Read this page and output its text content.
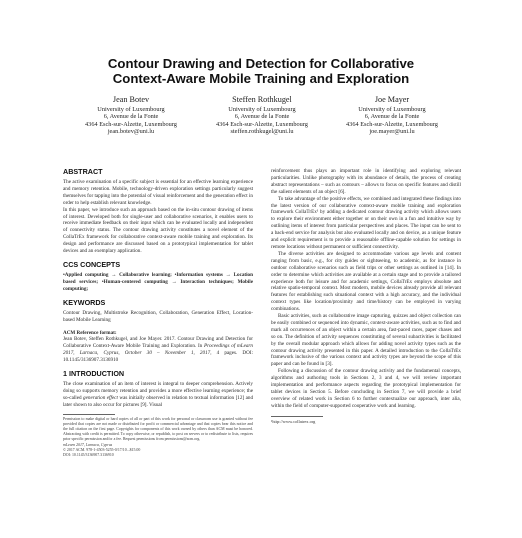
Contour Drawing and Detection for Collaborative
Context-Aware Mobile Training and Exploration
Jean Botev
University of Luxembourg
6, Avenue de la Fonte
4364 Esch-sur-Alzette, Luxembourg
jean.botev@uni.lu
Steffen Rothkugel
University of Luxembourg
6, Avenue de la Fonte
4364 Esch-sur-Alzette, Luxembourg
steffen.rothkugel@uni.lu
Joe Mayer
University of Luxembourg
6, Avenue de la Fonte
4364 Esch-sur-Alzette, Luxembourg
joe.mayer@uni.lu
ABSTRACT

The active examination of a specific subject is essential for an effective learning experience and memory retention. Mobile, technology-driven exploration settings particularly suggest themselves for tapping into the potential of visual reinforcement and the generation effect in order to help establish relevant knowledge.

In this paper, we introduce such an approach based on the in-situ contour drawing of items of interest. Developed both for single-user and collaborative scenarios, it enables users to receive immediate feedback on their input which can be evaluated locally and independent of connectivity status. The contour drawing activity constitutes a novel element of the CollaTrEx framework for collaborative context-aware mobile training and exploration. Its design and performance are discussed based on a prototypical implementation for tablet devices and an exemplary application.

CCS CONCEPTS

•Applied computing → Collaborative learning; •Information systems → Location based services; •Human-centered computing → Interaction techniques; Mobile computing;

KEYWORDS

Contour Drawing, Multistroke Recognition, Collaboration, Generation Effect, Location-based Mobile Learning

ACM Reference format:

Jean Botev, Steffen Rothkugel, and Joe Mayer. 2017. Contour Drawing and Detection for Collaborative Context-Aware Mobile Training and Exploration. In Proceedings of mLearn 2017, Larnaca, Cyprus, October 30 – November 1, 2017, 4 pages. DOI: 10.1145/3136907.3136910

1 INTRODUCTION

The close examination of an item of interest is integral to deeper comprehension. Actively doing so supports memory retention and provides a more effective learning experience; the so-called generation effect was initially observed in relation to textual information [12] and later shown to also occur for pictures [9]. Visual

Permission to make digital or hard copies of all or part of this work for personal or classroom use is granted without fee provided that copies are not made or distributed for profit or commercial advantage and that copies bear this notice and the full citation on the first page. Copyrights for components of this work owned by others than ACM must be honored. Abstracting with credit is permitted. To copy otherwise, or republish, to post on servers or to redistribute to lists, requires prior specific permission and/or a fee. Request permissions from permissions@acm.org.
mLearn 2017, Larnaca, Cyprus
© 2017 ACM. 978-1-4503-5255-0/17/10...$15.00
DOI: 10.1145/3136907.3136910

reinforcement thus plays an important role in identifying and exploring relevant particularities. Unlike photography with its abundance of details, the process of creating abstract representations – such as contours – allows to focus on specific features and distill the salient elements of an object [6].

To take advantage of the positive effects, we combined and integrated these findings into the latest version of our collaborative context-aware mobile training and exploration framework CollaTrEx¹ by adding a dedicated contour drawing activity which allows users to explore their environment either together or on their own in a fun and intuitive way by outlining items of interest from particular perspectives and places. The input can be sent to a back-end service for analysis but also evaluated locally and on device, as a unique feature and explicit requirement is to provide a reasonable offline-capable solution for settings in remote locations without permanent or sufficient connectivity.

The diverse activities are designed to accommodate various age levels and content ranging from basic, e.g., for city guides or sightseeing, to academic, as for instance in outdoor collaborative scenarios such as field trips or other settings as outlined in [14]. In order to determine which activities are available at a certain stage and to provide a tailored experience both for leisure and for academic settings, CollaTrEx employs absolute and relative spatio-temporal context. Most modern, mobile devices already provide all relevant features for establishing such situational context with a high accuracy, and the individual context types like location/proximity and time/history can be employed in varying combinations.

Basic activities, such as collaborative image capturing, quizzes and object collection can be easily combined or sequenced into dynamic, context-aware activities, such as to find and mark all occurrences of an object within a certain area, fast-paced races, paper chases and so on. The definition of activity sequences constituting of several subactivities is facilitated by the overall modular approach which allows for adding novel activity types such as the contour drawing activity presented in this paper. A detailed introduction to the CollaTrEx framework inclusive of the various context and activity types are beyond the scope of this paper and can be found in [3].

Following a discussion of the contour drawing activity and the fundamental concepts, algorithms and authoring tools in Sections 2, 3 and 4, we will review important implementation and performance aspects regarding the prototypical implementation for tablet devices in Section 5. Before concluding in Section 7, we will provide a brief overview of related work in Section 6 to further contextualize our approach, inter alia, within the field of computer-supported cooperative work and learning.

¹http://www.collatrex.org
